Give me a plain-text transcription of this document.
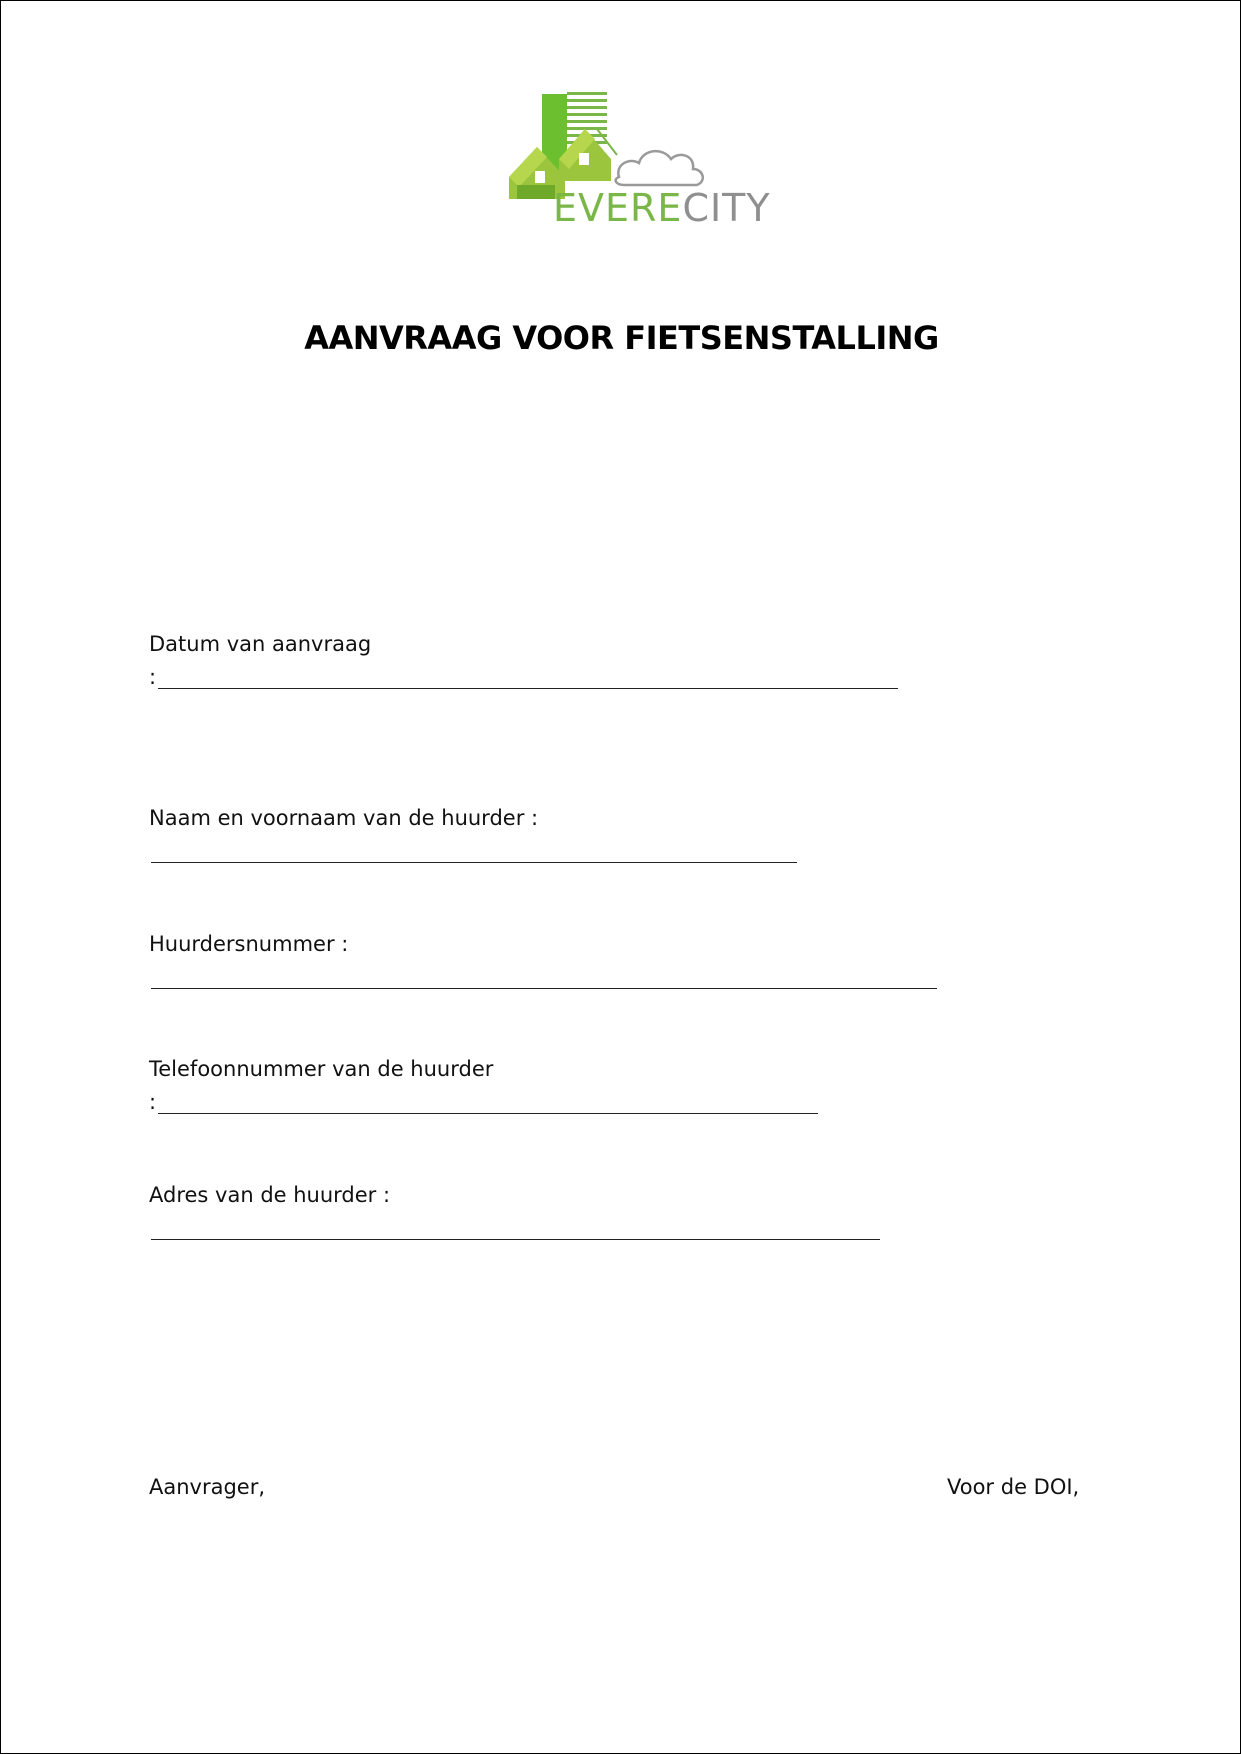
EVERECITY
AANVRAAG VOOR FIETSENSTALLING
Datum van aanvraag
:
Naam en voornaam van de huurder :
Huurdersnummer :
Telefoonnummer van de huurder
:
Adres van de huurder :
Aanvrager,	Voor de DOI,
